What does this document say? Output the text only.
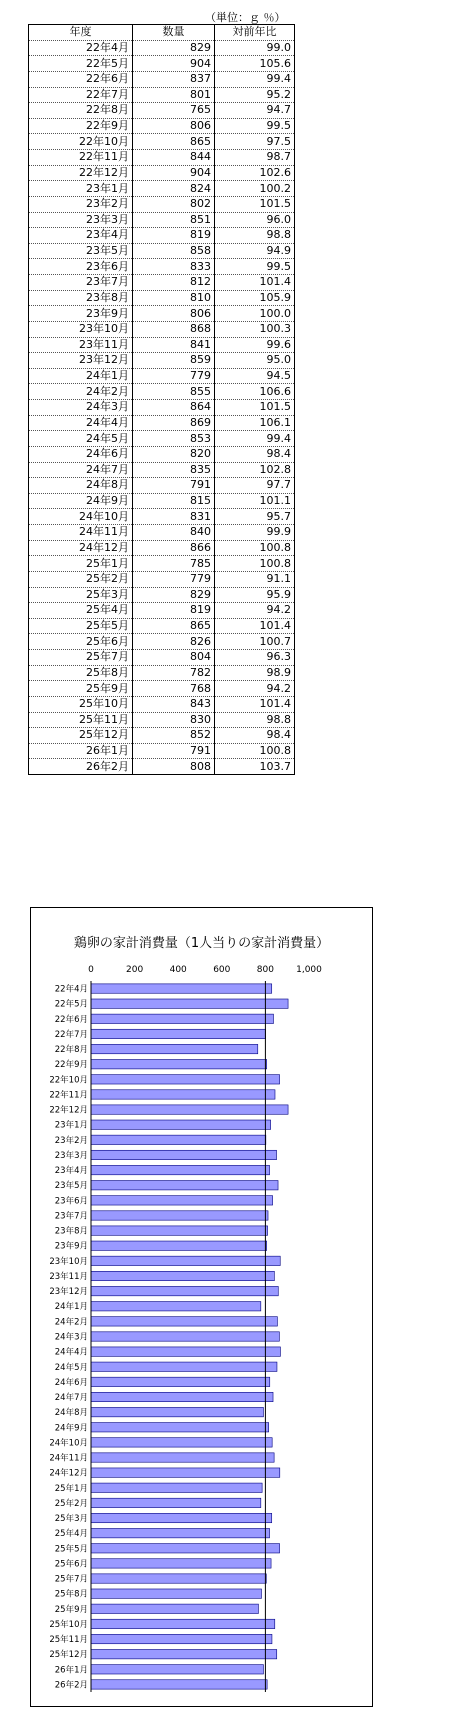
（単位：ｇ ％）
年度	数量	対前年比
22年4月	829	99.0
22年5月	904	105.6
22年6月	837	99.4
22年7月	801	95.2
22年8月	765	94.7
22年9月	806	99.5
22年10月	865	97.5
22年11月	844	98.7
22年12月	904	102.6
23年1月	824	100.2
23年2月	802	101.5
23年3月	851	96.0
23年4月	819	98.8
23年5月	858	94.9
23年6月	833	99.5
23年7月	812	101.4
23年8月	810	105.9
23年9月	806	100.0
23年10月	868	100.3
23年11月	841	99.6
23年12月	859	95.0
24年1月	779	94.5
24年2月	855	106.6
24年3月	864	101.5
24年4月	869	106.1
24年5月	853	99.4
24年6月	820	98.4
24年7月	835	102.8
24年8月	791	97.7
24年9月	815	101.1
24年10月	831	95.7
24年11月	840	99.9
24年12月	866	100.8
25年1月	785	100.8
25年2月	779	91.1
25年3月	829	95.9
25年4月	819	94.2
25年5月	865	101.4
25年6月	826	100.7
25年7月	804	96.3
25年8月	782	98.9
25年9月	768	94.2
25年10月	843	101.4
25年11月	830	98.8
25年12月	852	98.4
26年1月	791	100.8
26年2月	808	103.7
鶏卵の家計消費量（1人当りの家計消費量）
0	200	400	600	800 1,000
22年4月
22年5月
22年6月
22年7月
22年8月
22年9月
22年10月
22年11月
22年12月
23年1月
23年2月
23年3月
23年4月
23年5月
23年6月
23年7月
23年8月
23年9月
23年10月
23年11月
23年12月
24年1月
24年2月
24年3月
24年4月
24年5月
24年6月
24年7月
24年8月
24年9月
24年10月
24年11月
24年12月
25年1月
25年2月
25年3月
25年4月
25年5月
25年6月
25年7月
25年8月
25年9月
25年10月
25年11月
25年12月
26年1月
26年2月
